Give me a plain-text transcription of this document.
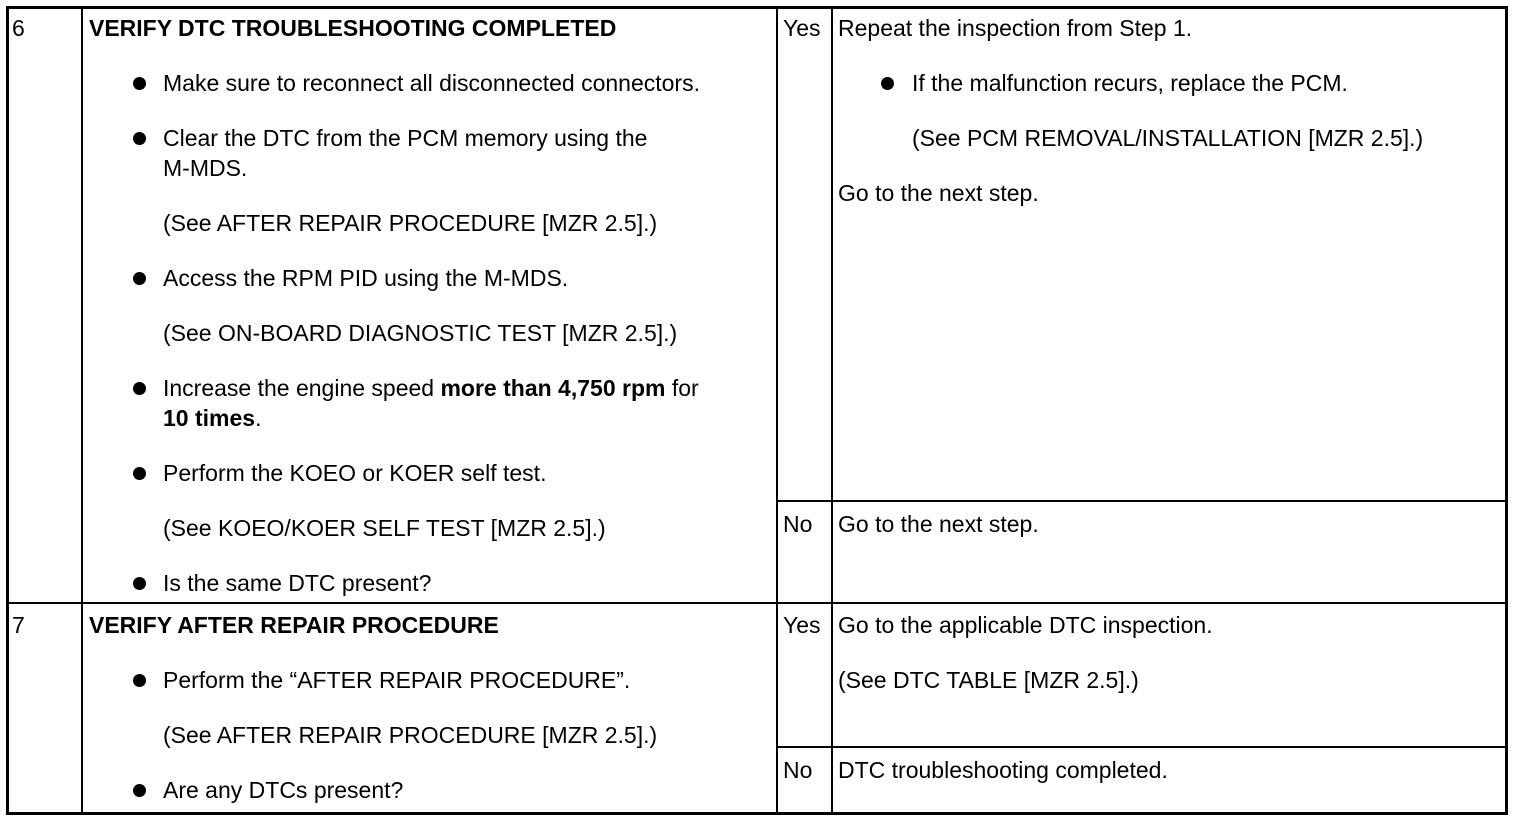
6	VERIFY DTC TROUBLESHOOTING COMPLETED
Make sure to reconnect all disconnected connectors.
Clear the DTC from the PCM memory using the
M-MDS.
(See AFTER REPAIR PROCEDURE [MZR 2.5].)
Access the RPM PID using the M-MDS.
(See ON-BOARD DIAGNOSTIC TEST [MZR 2.5].)
Increase the engine speed more than 4,750 rpm for
10 times.
Perform the KOEO or KOER self test.
(See KOEO/KOER SELF TEST [MZR 2.5].)
Is the same DTC present?
Yes Repeat the inspection from Step 1.
If the malfunction recurs, replace the PCM.
(See PCM REMOVAL/INSTALLATION [MZR 2.5].)
Go to the next step.
No Go to the next step.
7	VERIFY AFTER REPAIR PROCEDURE
Perform the “AFTER REPAIR PROCEDURE”.
(See AFTER REPAIR PROCEDURE [MZR 2.5].)
Are any DTCs present?
Yes Go to the applicable DTC inspection.
(See DTC TABLE [MZR 2.5].)
No DTC troubleshooting completed.
